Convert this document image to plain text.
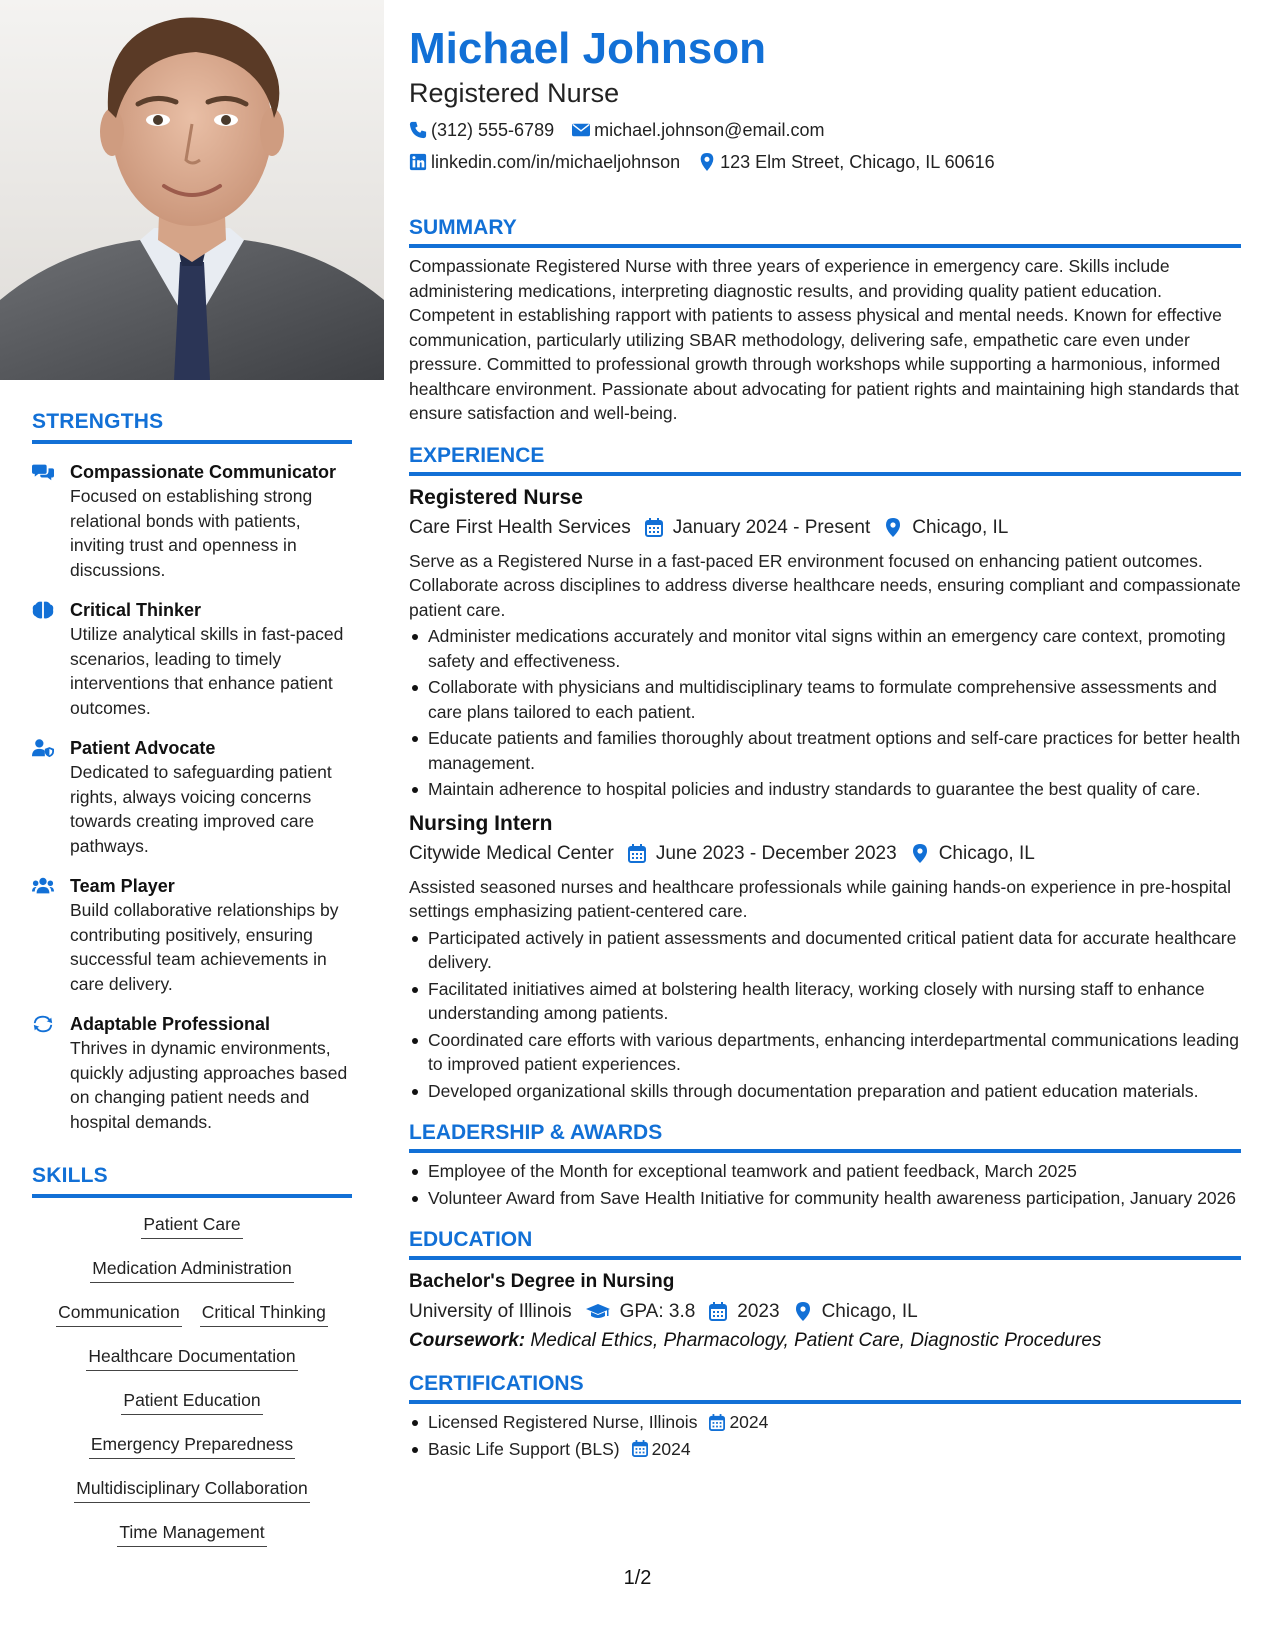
STRENGTHS
Compassionate Communicator
Focused on establishing strong relational bonds with patients, inviting trust and openness in discussions.
Critical Thinker
Utilize analytical skills in fast-paced scenarios, leading to timely interventions that enhance patient outcomes.
Patient Advocate
Dedicated to safeguarding patient rights, always voicing concerns towards creating improved care pathways.
Team Player
Build collaborative relationships by contributing positively, ensuring successful team achievements in care delivery.
Adaptable Professional
Thrives in dynamic environments, quickly adjusting approaches based on changing patient needs and hospital demands.
SKILLS
Patient Care
Medication Administration
Communication Critical Thinking
Healthcare Documentation
Patient Education
Emergency Preparedness
Multidisciplinary Collaboration
Time Management
Michael Johnson
Registered Nurse
(312) 555-6789 michael.johnson@email.com
linkedin.com/in/michaeljohnson 123 Elm Street, Chicago, IL 60616
SUMMARY
Compassionate Registered Nurse with three years of experience in emergency care. Skills include administering medications, interpreting diagnostic results, and providing quality patient education. Competent in establishing rapport with patients to assess physical and mental needs. Known for effective communication, particularly utilizing SBAR methodology, delivering safe, empathetic care even under pressure. Committed to professional growth through workshops while supporting a harmonious, informed healthcare environment. Passionate about advocating for patient rights and maintaining high standards that ensure satisfaction and well-being.
EXPERIENCE
Registered Nurse
Care First Health Services January 2024 - Present Chicago, IL
Serve as a Registered Nurse in a fast-paced ER environment focused on enhancing patient outcomes. Collaborate across disciplines to address diverse healthcare needs, ensuring compliant and compassionate patient care.
Administer medications accurately and monitor vital signs within an emergency care context, promoting safety and effectiveness.
Collaborate with physicians and multidisciplinary teams to formulate comprehensive assessments and care plans tailored to each patient.
Educate patients and families thoroughly about treatment options and self-care practices for better health management.
Maintain adherence to hospital policies and industry standards to guarantee the best quality of care.
Nursing Intern
Citywide Medical Center June 2023 - December 2023 Chicago, IL
Assisted seasoned nurses and healthcare professionals while gaining hands-on experience in pre-hospital settings emphasizing patient-centered care.
Participated actively in patient assessments and documented critical patient data for accurate healthcare delivery.
Facilitated initiatives aimed at bolstering health literacy, working closely with nursing staff to enhance understanding among patients.
Coordinated care efforts with various departments, enhancing interdepartmental communications leading to improved patient experiences.
Developed organizational skills through documentation preparation and patient education materials.
LEADERSHIP & AWARDS
Employee of the Month for exceptional teamwork and patient feedback, March 2025
Volunteer Award from Save Health Initiative for community health awareness participation, January 2026
EDUCATION
Bachelor's Degree in Nursing
University of Illinois	GPA: 3.8 2023 Chicago, IL
Coursework: Medical Ethics, Pharmacology, Patient Care, Diagnostic Procedures
CERTIFICATIONS
Licensed Registered Nurse, Illinois 2024
Basic Life Support (BLS) 2024
1/2
